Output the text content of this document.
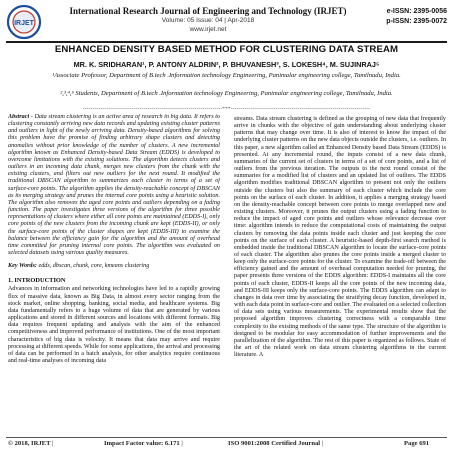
IRJET
International Research Journal of Engineering and Technology (IRJET)
Volume: 05 Issue: 04 | Apr-2018
www.irjet.net
e-ISSN: 2395-0056
p-ISSN: 2395-0072
ENHANCED DENSITY BASED METHOD FOR CLUSTERING DATA STREAM
MR. K. SRIDHARAN¹, P. ANTONY ALDRIN², P. BHUVANESH³, S. LOKESH⁴, M. SUJINRAJ⁵
¹Associate Professor, Department of B.tech .Information technology Engineering, Panimalar engineering college, Tamilnadu, India.
²,³,⁴,⁵ Students, Department of B.tech .Information technology Engineering, Panimalar engineering college, Tamilnadu, India.
-----------------------------------------------------------------------***-----------------------------------------------------------------------
Abstract - Data stream clustering is an active area of research in big data. It refers to clustering constantly arriving new data records and updating existing cluster patterns and outliers in light of the newly arriving data. Density-based algorithms for solving this problem have the promise of finding arbitrary shape clusters and detecting anomalies without prior knowledge of the number of clusters. A new incremental algorithm known as Enhanced Density-based Data Stream (EDDS) is developed to overcome limitations with the existing solutions. The algorithm detects clusters and outliers in an incoming data chunk, merges new clusters from the chunk with the existing clusters, and filters out new outliers for the next round. It modified the traditional DBSCAN algorithm to summarizes each cluster in terms of a set of surface-core points. The algorithm applies the density-reachable concept of DBSCAN as its merging strategy and prunes the internal core points using a heuristic solution. The algorithm also removes the aged core points and outliers depending on a fading function. The paper investigates three versions of the algorithm for three possible representations of clusters where either all core points are maintained (EDDS-I), only core points of the new clusters from the incoming chunk are kept (EDDS-II), or only the surface-core points of the cluster shapes are kept (EDDS-III) to examine the balance between the efficiency gain for the algorithm and the amount of overhead time committed for pruning internal core points. The algorithm was evaluated on selected datasets using various quality measures.
Key Words: edds, dbscan, chunk, core, kmeans clustering
1. INTRODUCTION
Advances in information and networking technologies have led to a rapidly growing flux of massive data, known as Big Data, in almost every sector ranging from the stock market, online shopping, banking, social media, and healthcare systems. Big data fundamentally refers to a huge volume of data that are generated by various applications and stored in different sources and locations with different formats. Big data requires frequent updating and analysis with the aim of the enhanced competitiveness and improved performance of institutions. One of the most important characteristics of big data is velocity. It means that data may arrive and require processing at different speeds. While for some applications, the arrival and processing of data can be performed in a batch analysis, for other analytics require continuous and real-time analyses of incoming data
streams. Data stream clustering is defined as the grouping of new data that frequently arrive in chunks with the objective of gain understanding about underlying cluster patterns that may change over time. It is also of interest to know the impact of the underlying cluster patterns on the new data objects outside the clusters, i.e. outliers. In this paper, a new algorithm called an Enhanced Density based Data Stream (EDDS) is presented. At any incremental round, the inputs consist of a new data chunk, summaries of the current set of clusters in terms of a set of core points, and a list of outliers from the previous iteration. The outputs to the next round consist of the summaries for a modified list of clusters and an updated list of outliers. The EDDS algorithm modifies traditional DBSCAN algorithm to present not only the outliers outside the clusters but also the summary of each cluster which include the core points on the surface of each cluster. In addition, it applies a merging strategy based on the density-reachable concept between core points to merge overlapped new and existing clusters. Moreover, it prunes the output clusters using a fading function to reduce the impact of aged core points and outliers whose relevance decrease over time: algorithm intends to reduce the computational costs of maintaining the output clusters by removing the data points inside each cluster and just keeping the core points on the surface of each cluster. A heuristic-based depth-first search method is embedded inside the traditional DBSCAN algorithm to locate the surface-core points of each cluster. The algorithm also prunes the core points inside a merged cluster to keep only the surface-core points for the cluster. To examine the trade-off between the efficiency gained and the amount of overhead computation needed for pruning, the paper presents three versions of the EDDS algorithm: EDDS-I maintains all the core points of each cluster, EDDS-II keeps all the core points of the new incoming data, and EDDS-III keeps only the surface-core points. The EDDS algorithm can adapt to changes in data over time by associating the stratifying decay function, developed in, with each data point in surface-core and outlier. The evaluated on a selected collection of data sets using various measurements. The experimental results show that the proposed algorithm improves clustering correctness with a comparable time complexity to the existing methods of the same type. The structure of the algorithm is designed to be modular for easy accommodation of further improvements and the parallelization of the algorithm. The rest of this paper is organized as follows. State of the art of the related work on data stream clustering algorithms in the current literature. A
© 2018, IRJET |	Impact Factor value: 6.171 |	ISO 9001:2008 Certified Journal |	Page 691
